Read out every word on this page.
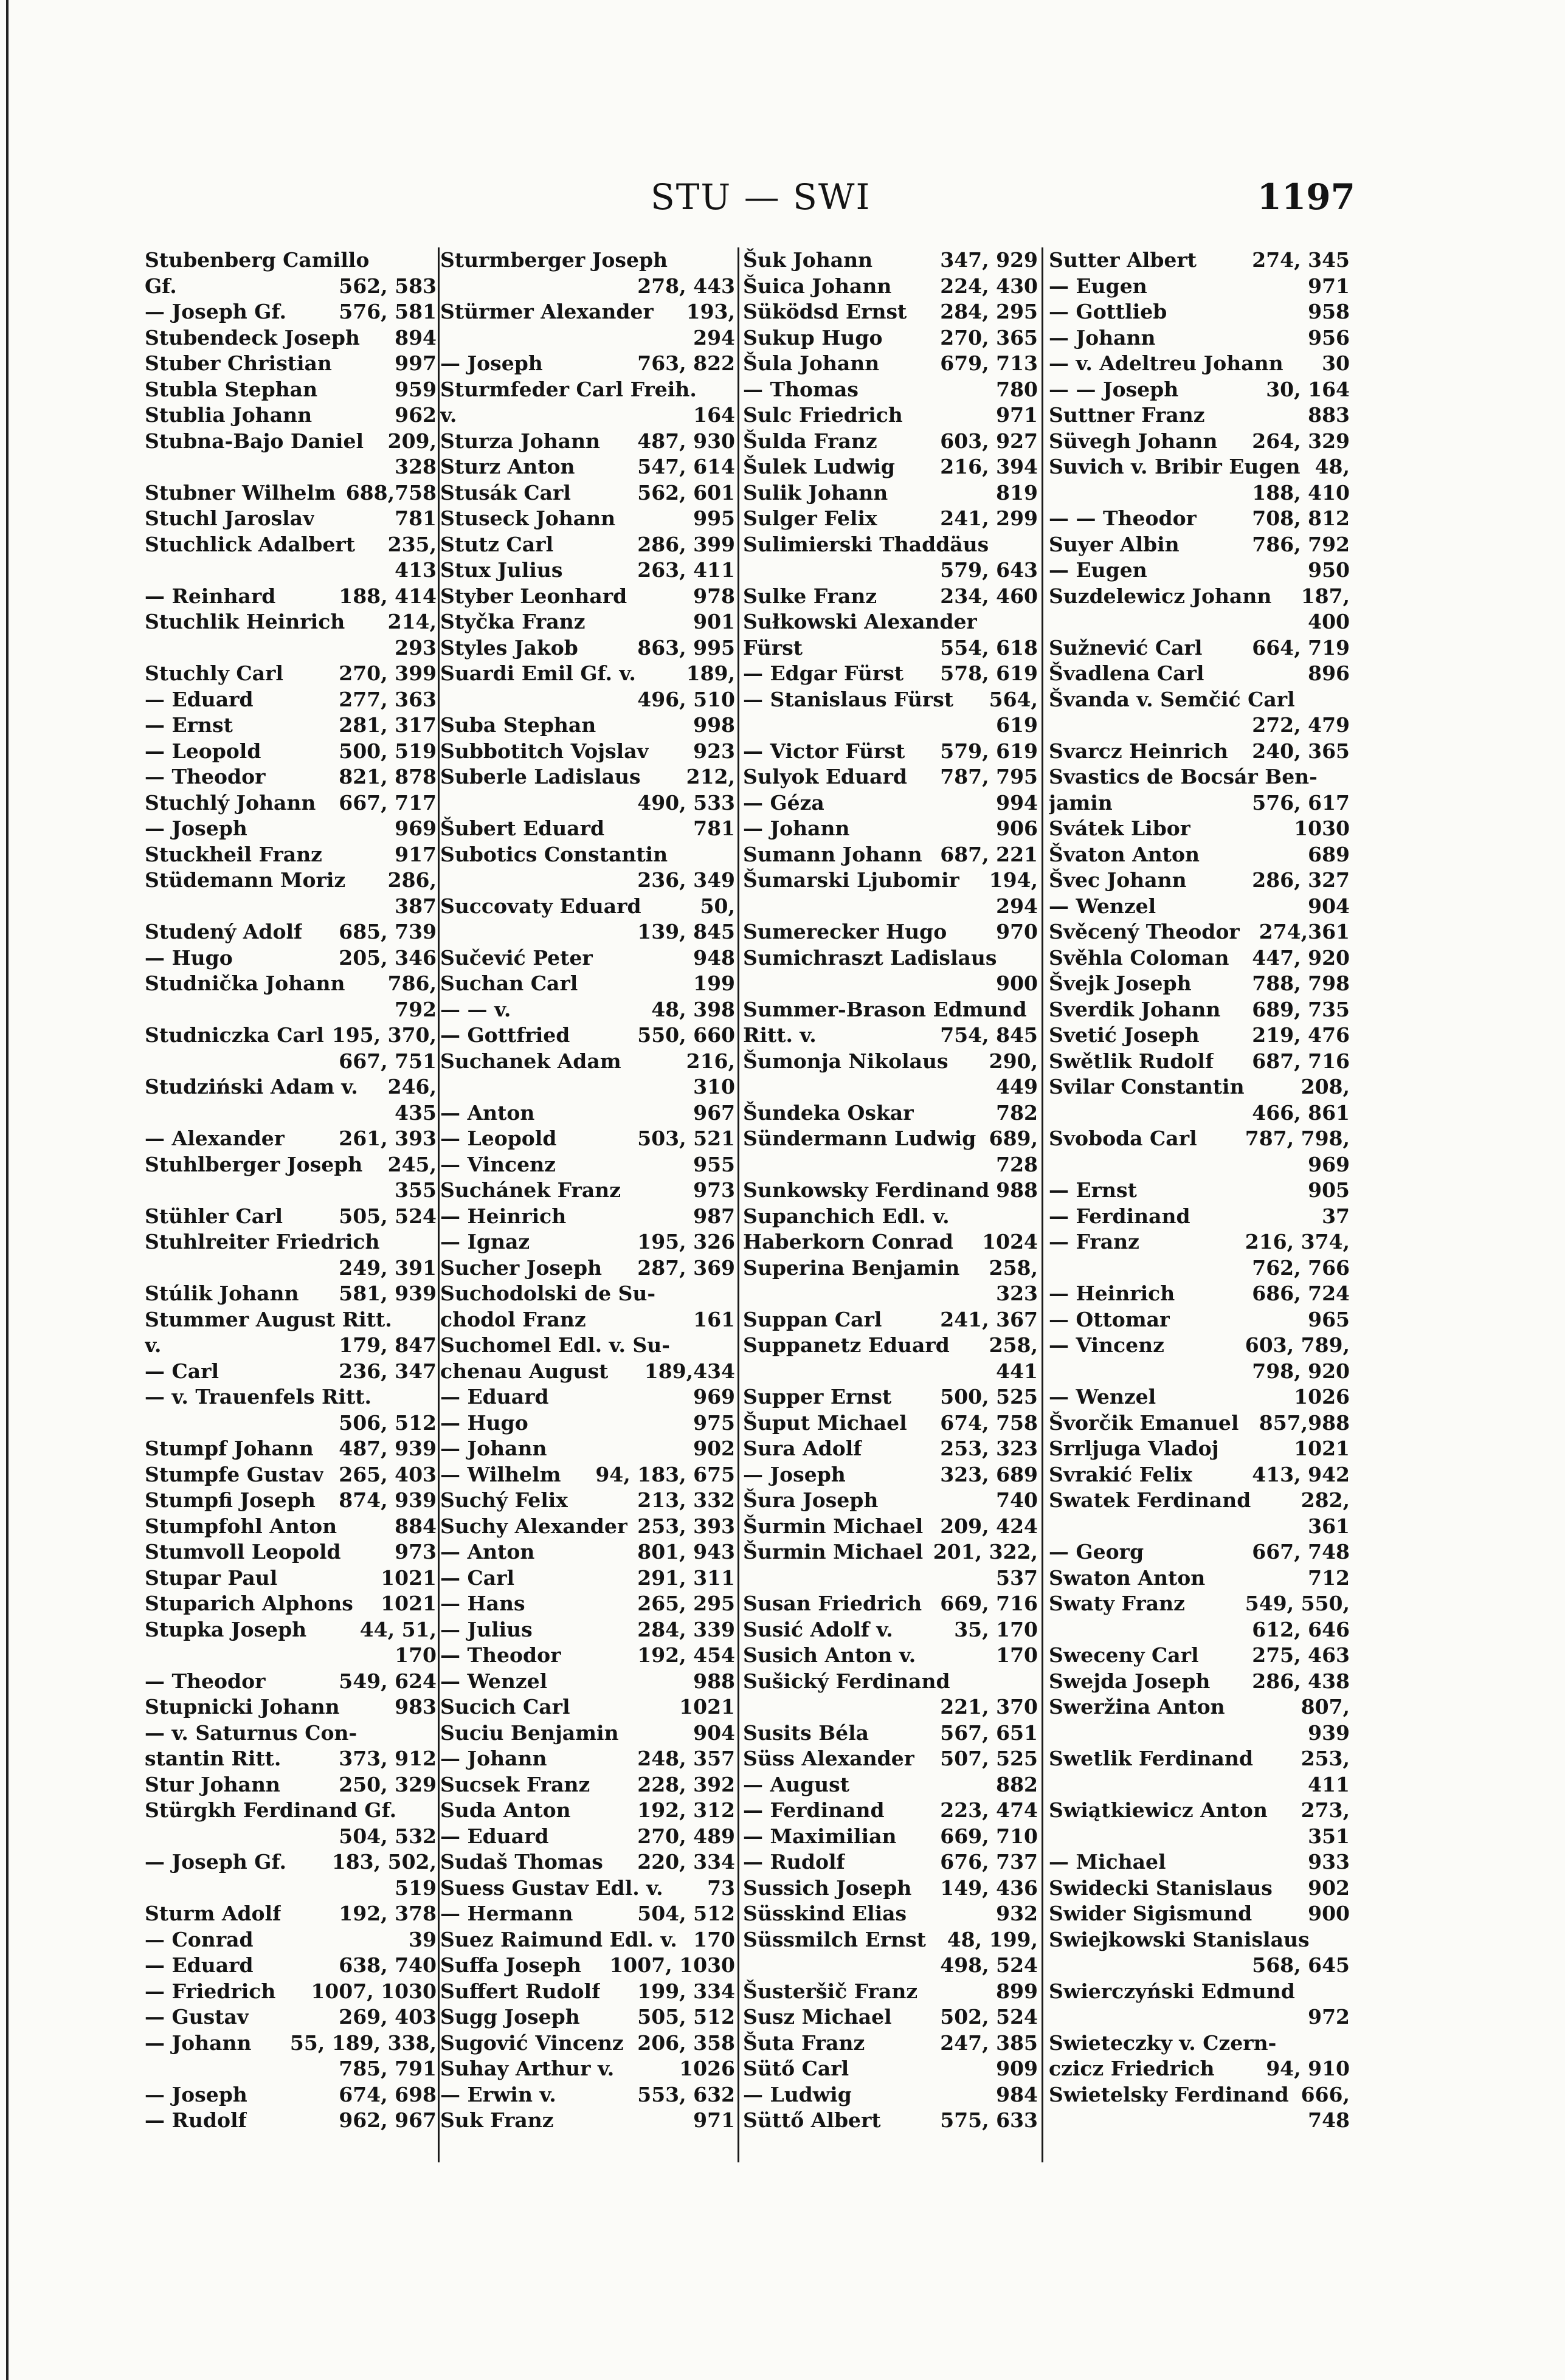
STU — SWI	1197
Stubenberg Camillo
Gf.	562, 583
— Joseph Gf.	576, 581
Stubendeck Joseph 894
Stuber Christian	997
Stubla Stephan	959
Stublia Johann	962
Stubna-Bajo Daniel 209,
328
Stubner Wilhelm 688,758
Stuchl Jaroslav	781
Stuchlick Adalbert 235,
413
— Reinhard	188, 414
Stuchlik Heinrich 214,
293
Stuchly Carl	270, 399
— Eduard	277, 363
— Ernst	281, 317
— Leopold	500, 519
— Theodor	821, 878
Stuchlý Johann 667, 717
— Joseph	969
Stuckheil Franz	917
Stüdemann Moriz 286,
387
Studený Adolf 685, 739
— Hugo	205, 346
Studnička Johann 786,
792
Studniczka Carl 195, 370,
667, 751
Studziński Adam v. 246,
435
— Alexander	261, 393
Stuhlberger Joseph 245,
355
Stühler Carl	505, 524
Stuhlreiter Friedrich
249, 391
Stúlik Johann 581, 939
Stummer August Ritt.
v.	179, 847
— Carl	236, 347
— v. Trauenfels Ritt.
506, 512
Stumpf Johann 487, 939
Stumpfe Gustav 265, 403
Stumpfi Joseph 874, 939
Stumpfohl Anton	884
Stumvoll Leopold	973
Stupar Paul	1021
Stuparich Alphons 1021
Stupka Joseph	44, 51,
170
— Theodor	549, 624
Stupnicki Johann	983
— v. Saturnus Con-
stantin Ritt.	373, 912
Stur Johann	250, 329
Stürgkh Ferdinand Gf.
504, 532
— Joseph Gf. 183, 502,
519
Sturm Adolf	192, 378
— Conrad	39
— Eduard	638, 740
— Friedrich 1007, 1030
— Gustav	269, 403
— Johann 55, 189, 338,
785, 791
— Joseph	674, 698
— Rudolf	962, 967
Sturmberger Joseph
278, 443
Stürmer Alexander 193,
294
— Joseph	763, 822
Sturmfeder Carl Freih.
v.	164
Sturza Johann 487, 930
Sturz Anton	547, 614
Stusák Carl	562, 601
Stuseck Johann	995
Stutz Carl	286, 399
Stux Julius	263, 411
Styber Leonhard	978
Styčka Franz	901
Styles Jakob	863, 995
Suardi Emil Gf. v.	189,
496, 510
Suba Stephan	998
Subbotitch Vojslav 923
Suberle Ladislaus 212,
490, 533
Šubert Eduard	781
Subotics Constantin
236, 349
Succovaty Eduard	50,
139, 845
Sučević Peter	948
Suchan Carl	199
— — v.	48, 398
— Gottfried	550, 660
Suchanek Adam	216,
310
— Anton	967
— Leopold	503, 521
— Vincenz	955
Suchánek Franz	973
— Heinrich	987
— Ignaz	195, 326
Sucher Joseph 287, 369
Suchodolski de Su-
chodol Franz	161
Suchomel Edl. v. Su-
chenau August 189,434
— Eduard	969
— Hugo	975
— Johann	902
— Wilhelm 94, 183, 675
Suchý Felix	213, 332
Suchy Alexander 253, 393
— Anton	801, 943
— Carl	291, 311
— Hans	265, 295
— Julius	284, 339
— Theodor	192, 454
— Wenzel	988
Sucich Carl	1021
Suciu Benjamin	904
— Johann	248, 357
Sucsek Franz 228, 392
Suda Anton	192, 312
— Eduard	270, 489
Sudaš Thomas 220, 334
Suess Gustav Edl. v. 73
— Hermann	504, 512
Suez Raimund Edl. v. 170
Suffa Joseph 1007, 1030
Suffert Rudolf 199, 334
Sugg Joseph	505, 512
Sugović Vincenz 206, 358
Suhay Arthur v.	1026
— Erwin v.	553, 632
Suk Franz	971
Šuk Johann	347, 929
Šuica Johann 224, 430
Süködsd Ernst 284, 295
Sukup Hugo	270, 365
Šula Johann	679, 713
— Thomas	780
Sulc Friedrich	971
Šulda Franz	603, 927
Šulek Ludwig 216, 394
Sulik Johann	819
Sulger Felix	241, 299
Sulimierski Thaddäus
579, 643
Sulke Franz	234, 460
Sułkowski Alexander
Fürst	554, 618
— Edgar Fürst 578, 619
— Stanislaus Fürst 564,
619
— Victor Fürst 579, 619
Sulyok Eduard 787, 795
— Géza	994
— Johann	906
Sumann Johann 687, 221
Šumarski Ljubomir 194,
294
Sumerecker Hugo 970
Sumichraszt Ladislaus
900
Summer-Brason Edmund
Ritt. v.	754, 845
Šumonja Nikolaus 290,
449
Šundeka Oskar	782
Sündermann Ludwig 689,
728
Sunkowsky Ferdinand 988
Supanchich Edl. v.
Haberkorn Conrad 1024
Superina Benjamin 258,
323
Suppan Carl	241, 367
Suppanetz Eduard 258,
441
Supper Ernst 500, 525
Šuput Michael 674, 758
Sura Adolf	253, 323
— Joseph	323, 689
Šura Joseph	740
Šurmin Michael 209, 424
Šurmin Michael 201, 322,
537
Susan Friedrich 669, 716
Susić Adolf v.	35, 170
Susich Anton v.	170
Sušický Ferdinand
221, 370
Susits Béla	567, 651
Süss Alexander 507, 525
— August	882
— Ferdinand	223, 474
— Maximilian 669, 710
— Rudolf	676, 737
Sussich Joseph 149, 436
Süsskind Elias	932
Süssmilch Ernst 48, 199,
498, 524
Šusteršič Franz	899
Susz Michael 502, 524
Šuta Franz	247, 385
Sütő Carl	909
— Ludwig	984
Süttő Albert	575, 633
Sutter Albert	274, 345
— Eugen	971
— Gottlieb	958
— Johann	956
— v. Adeltreu Johann 30
— — Joseph	30, 164
Suttner Franz	883
Süvegh Johann 264, 329
Suvich v. Bribir Eugen 48,
188, 410
— — Theodor	708, 812
Suyer Albin	786, 792
— Eugen	950
Suzdelewicz Johann 187,
400
Sužnević Carl 664, 719
Švadlena Carl	896
Švanda v. Semčić Carl
272, 479
Svarcz Heinrich 240, 365
Svastics de Bocsár Ben-
jamin	576, 617
Svátek Libor	1030
Švaton Anton	689
Švec Johann	286, 327
— Wenzel	904
Svěcený Theodor 274,361
Svěhla Coloman 447, 920
Švejk Joseph	788, 798
Sverdik Johann 689, 735
Svetić Joseph	219, 476
Swětlik Rudolf 687, 716
Svilar Constantin	208,
466, 861
Svoboda Carl 787, 798,
969
— Ernst	905
— Ferdinand	37
— Franz	216, 374,
762, 766
— Heinrich	686, 724
— Ottomar	965
— Vincenz	603, 789,
798, 920
— Wenzel	1026
Švorčik Emanuel 857,988
Srrljuga Vladoj	1021
Svrakić Felix	413, 942
Swatek Ferdinand 282,
361
— Georg	667, 748
Swaton Anton	712
Swaty Franz	549, 550,
612, 646
Sweceny Carl	275, 463
Swejda Joseph 286, 438
Sweržina Anton	807,
939
Swetlik Ferdinand 253,
411
Swiątkiewicz Anton 273,
351
— Michael	933
Swidecki Stanislaus 902
Swider Sigismund	900
Swiejkowski Stanislaus
568, 645
Swierczyński Edmund
972
Swieteczky v. Czern-
czicz Friedrich	94, 910
Swietelsky Ferdinand 666,
748
